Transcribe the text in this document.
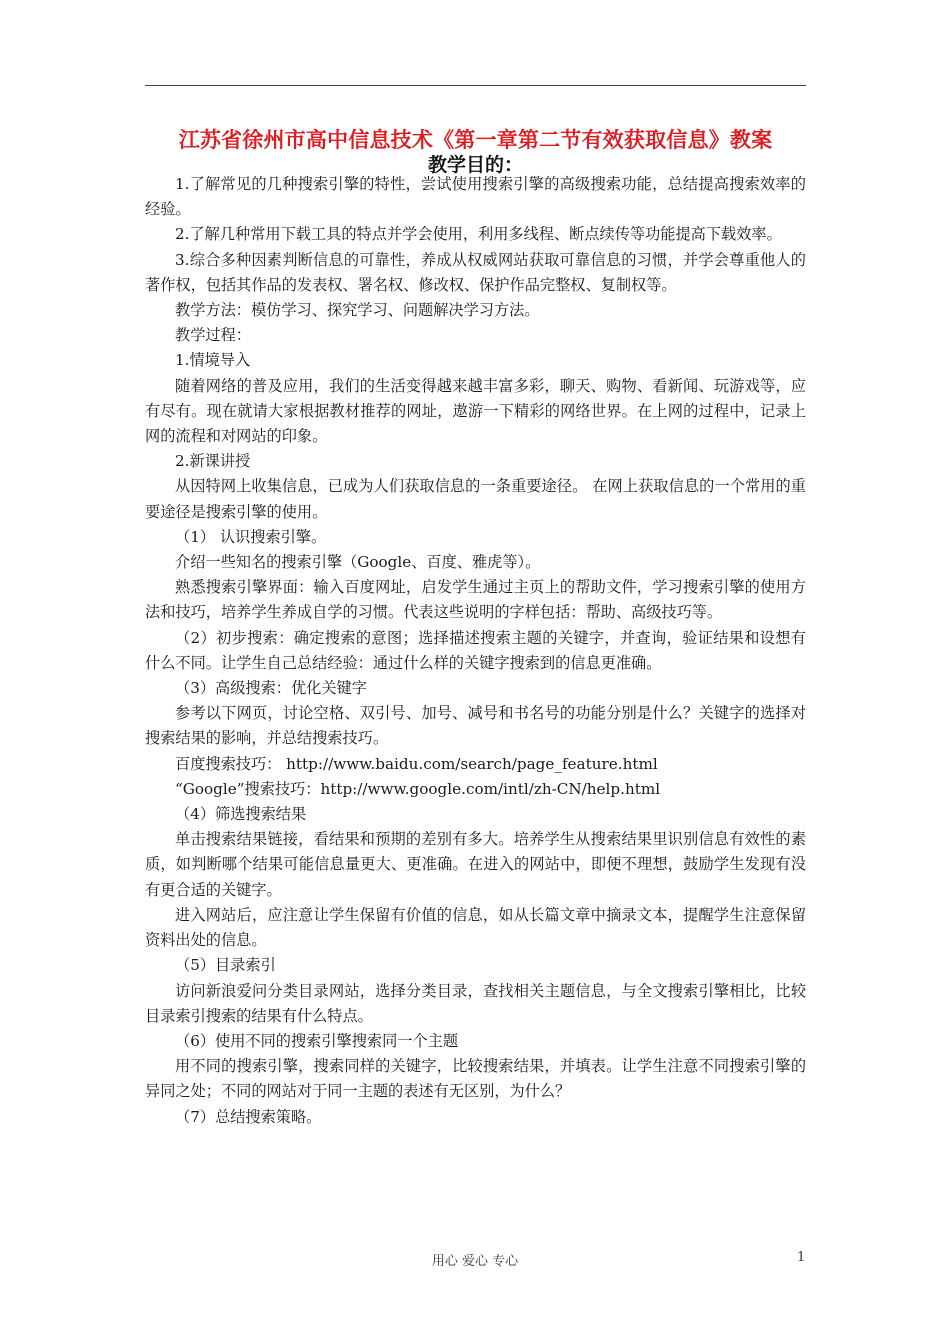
江苏省徐州市高中信息技术《第一章第二节有效获取信息》教案
教学目的：

1.了解常见的几种搜索引擎的特性，尝试使用搜索引擎的高级搜索功能，总结提高搜索效率的经验。

2.了解几种常用下载工具的特点并学会使用，利用多线程、断点续传等功能提高下载效率。

3.综合多种因素判断信息的可靠性，养成从权威网站获取可靠信息的习惯，并学会尊重他人的著作权，包括其作品的发表权、署名权、修改权、保护作品完整权、复制权等。

教学方法：模仿学习、探究学习、问题解决学习方法。

教学过程：

1.情境导入

随着网络的普及应用，我们的生活变得越来越丰富多彩，聊天、购物、看新闻、玩游戏等，应有尽有。现在就请大家根据教材推荐的网址，遨游一下精彩的网络世界。在上网的过程中，记录上网的流程和对网站的印象。

2.新课讲授

从因特网上收集信息，已成为人们获取信息的一条重要途径。 在网上获取信息的一个常用的重要途径是搜索引擎的使用。

（1） 认识搜索引擎。

介绍一些知名的搜索引擎（Google、百度、雅虎等）。

熟悉搜索引擎界面：输入百度网址，启发学生通过主页上的帮助文件，学习搜索引擎的使用方法和技巧，培养学生养成自学的习惯。代表这些说明的字样包括：帮助、高级技巧等。

（2）初步搜索：确定搜索的意图；选择描述搜索主题的关键字，并查询，验证结果和设想有什么不同。让学生自己总结经验：通过什么样的关键字搜索到的信息更准确。

（3）高级搜索：优化关键字

参考以下网页，讨论空格、双引号、加号、减号和书名号的功能分别是什么？关键字的选择对搜索结果的影响，并总结搜索技巧。

百度搜索技巧： http://www.baidu.com/search/page_feature.html

“Google”搜索技巧：http://www.google.com/intl/zh-CN/help.html

（4）筛选搜索结果

单击搜索结果链接，看结果和预期的差别有多大。培养学生从搜索结果里识别信息有效性的素质，如判断哪个结果可能信息量更大、更准确。在进入的网站中，即便不理想，鼓励学生发现有没有更合适的关键字。

进入网站后，应注意让学生保留有价值的信息，如从长篇文章中摘录文本，提醒学生注意保留资料出处的信息。

（5）目录索引

访问新浪爱问分类目录网站，选择分类目录，查找相关主题信息，与全文搜索引擎相比，比较目录索引搜索的结果有什么特点。

（6）使用不同的搜索引擎搜索同一个主题

用不同的搜索引擎，搜索同样的关键字，比较搜索结果，并填表。让学生注意不同搜索引擎的异同之处；不同的网站对于同一主题的表述有无区别，为什么？

（7）总结搜索策略。

用心 爱心 专心	1
